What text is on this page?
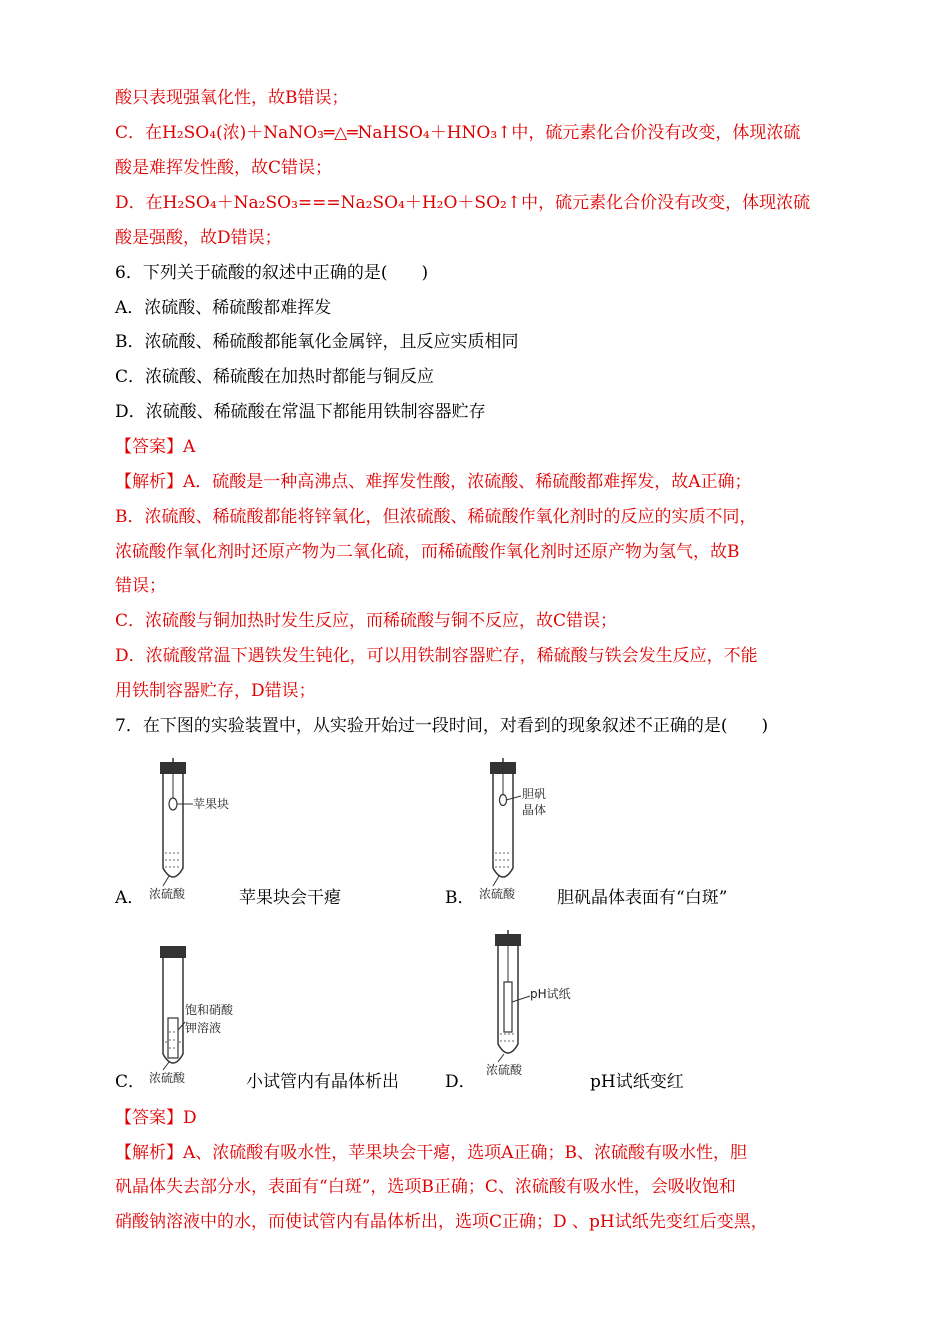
酸只表现强氧化性，故B错误；
C．在H₂SO₄(浓)＋NaNO₃═△═NaHSO₄＋HNO₃↑中，硫元素化合价没有改变，体现浓硫
酸是难挥发性酸，故C错误；
D．在H₂SO₄＋Na₂SO₃===Na₂SO₄＋H₂O＋SO₂↑中，硫元素化合价没有改变，体现浓硫
酸是强酸，故D错误；
6．下列关于硫酸的叙述中正确的是(　　)
A．浓硫酸、稀硫酸都难挥发
B．浓硫酸、稀硫酸都能氧化金属锌，且反应实质相同
C．浓硫酸、稀硫酸在加热时都能与铜反应
D．浓硫酸、稀硫酸在常温下都能用铁制容器贮存
【答案】A
【解析】A．硫酸是一种高沸点、难挥发性酸，浓硫酸、稀硫酸都难挥发，故A正确；
B．浓硫酸、稀硫酸都能将锌氧化，但浓硫酸、稀硫酸作氧化剂时的反应的实质不同，
浓硫酸作氧化剂时还原产物为二氧化硫，而稀硫酸作氧化剂时还原产物为氢气，故B
错误；
C．浓硫酸与铜加热时发生反应，而稀硫酸与铜不反应，故C错误；
D．浓硫酸常温下遇铁发生钝化，可以用铁制容器贮存，稀硫酸与铁会发生反应，不能
用铁制容器贮存，D错误；
7．在下图的实验装置中，从实验开始过一段时间，对看到的现象叙述不正确的是(　　)
苹果块
浓硫酸
A．	苹果块会干瘪
胆矾
晶体
浓硫酸
B．	胆矾晶体表面有“白斑”
饱和硝酸
钾溶液
浓硫酸
C．	小试管内有晶体析出
pH试纸
浓硫酸
D．	pH试纸变红
【答案】D
【解析】A、浓硫酸有吸水性，苹果块会干瘪，选项A正确；B、浓硫酸有吸水性，胆
矾晶体失去部分水，表面有“白斑”，选项B正确；C、浓硫酸有吸水性，会吸收饱和
硝酸钠溶液中的水，而使试管内有晶体析出，选项C正确；D 、pH试纸先变红后变黑，
